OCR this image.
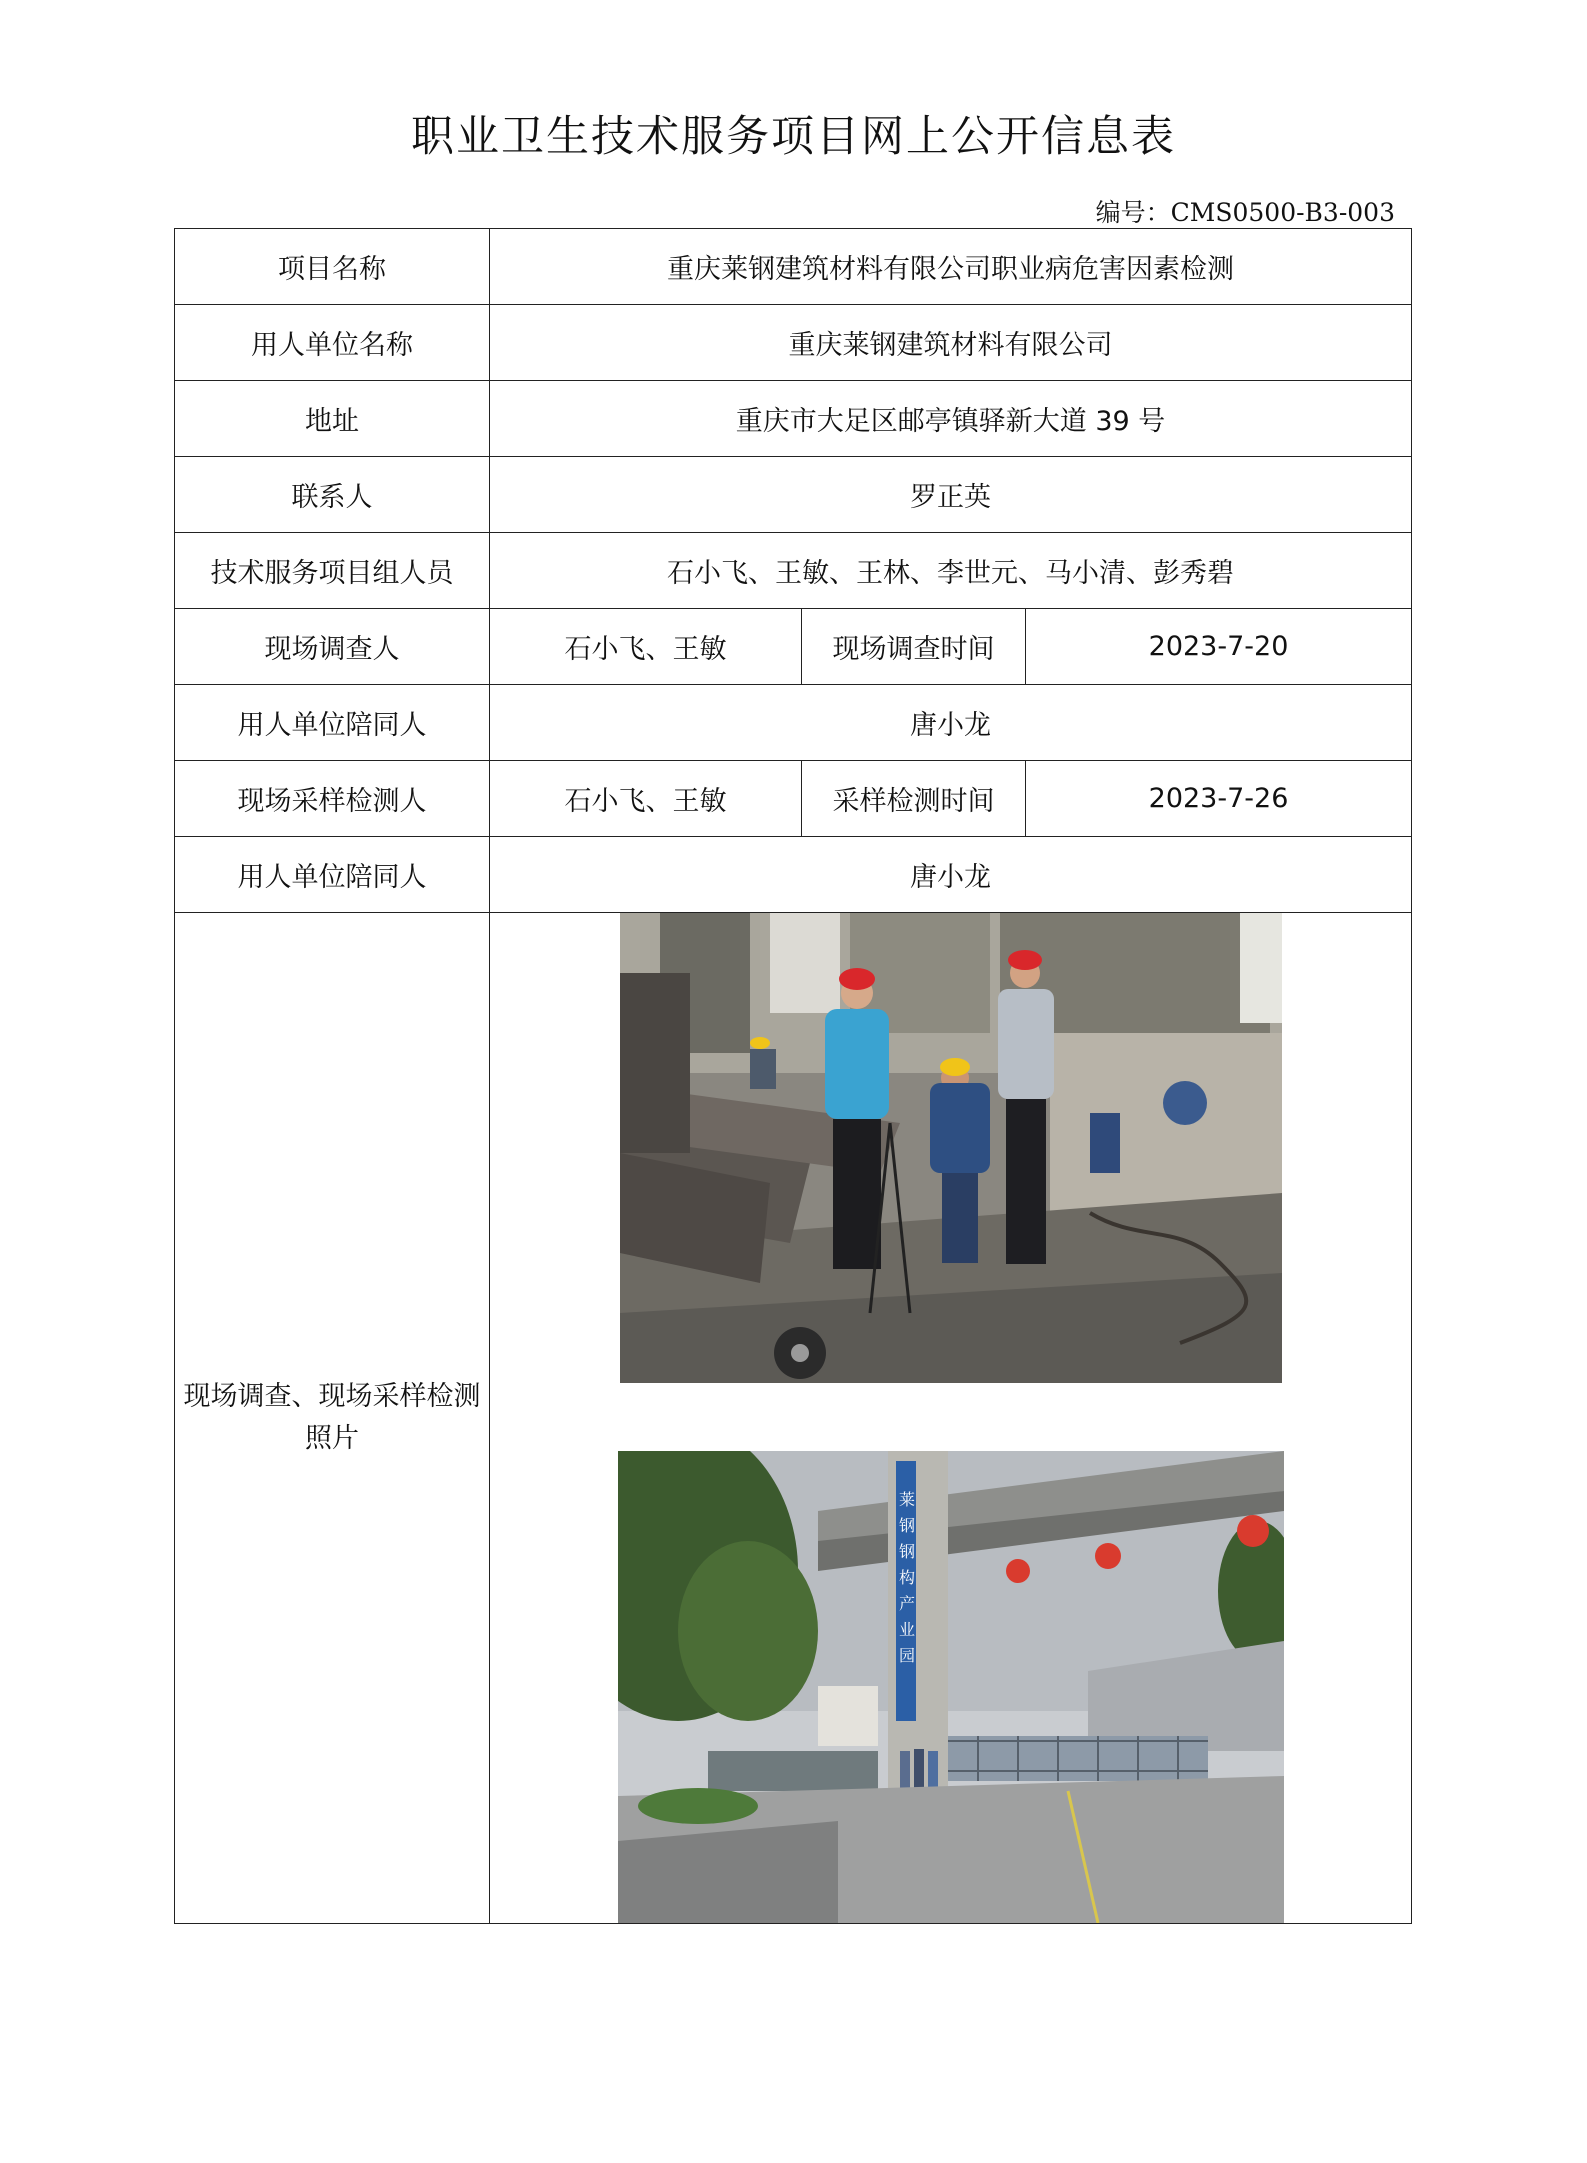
职业卫生技术服务项目网上公开信息表
编号：CMS0500-B3-003
项目名称	重庆莱钢建筑材料有限公司职业病危害因素检测		
用人单位名称	重庆莱钢建筑材料有限公司		
地址	重庆市大足区邮亭镇驿新大道 39 号		
联系人	罗正英		
技术服务项目组人员	石小飞、王敏、王林、李世元、马小清、彭秀碧		
现场调查人	石小飞、王敏	现场调查时间	2023-7-20
用人单位陪同人	唐小龙		
现场采样检测人	石小飞、王敏	采样检测时间	2023-7-26
用人单位陪同人	唐小龙		
现场调查、现场采样检测照片	莱钢钢构产业园		
